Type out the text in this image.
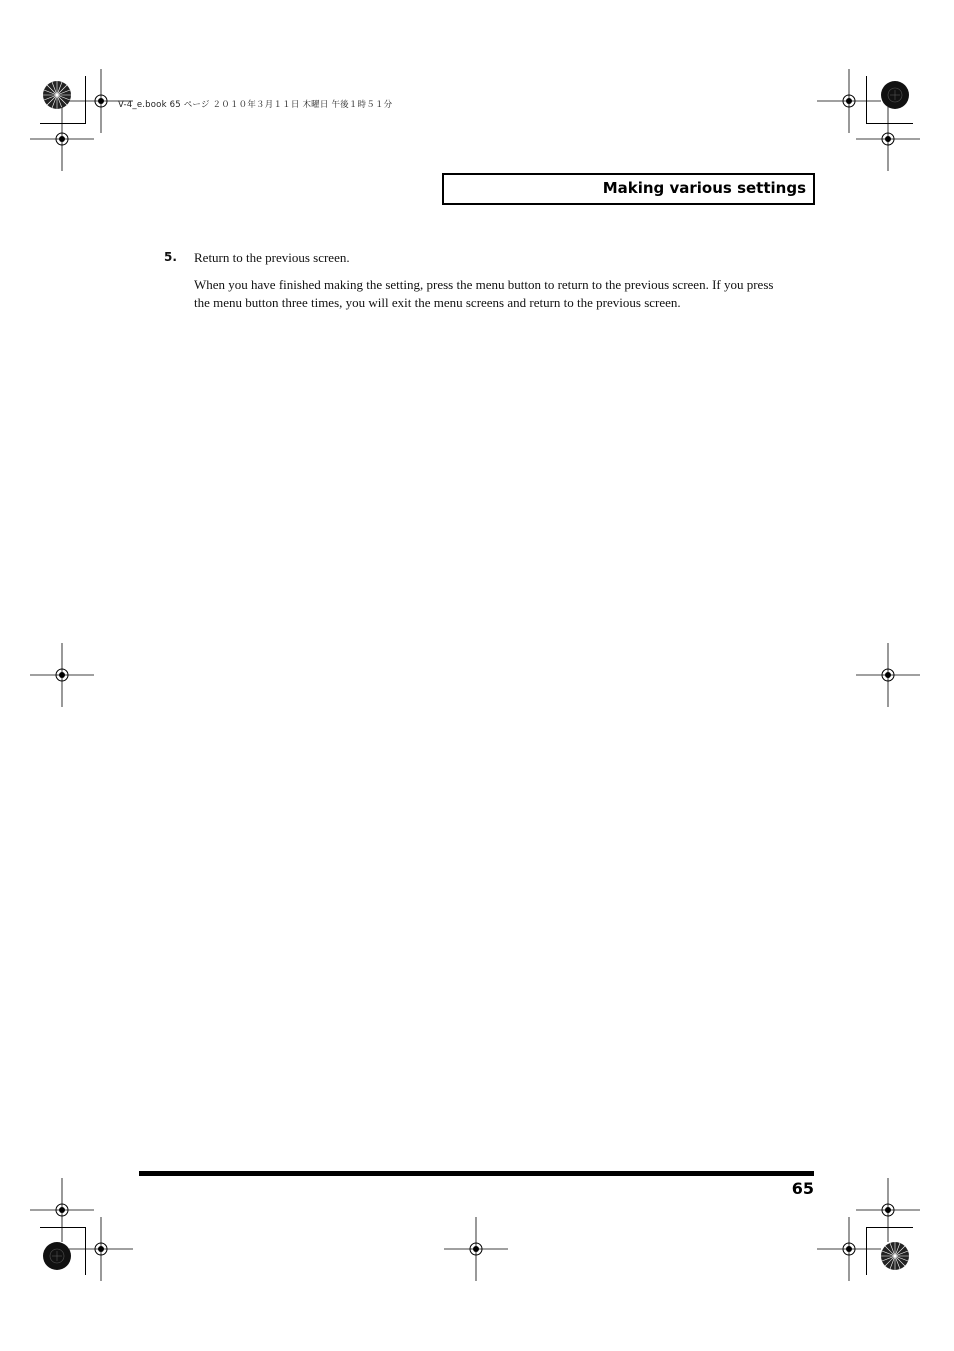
V-4_e.book 65 ページ ２０１０年３月１１日 木曜日 午後１時５１分
Making various settings
5. Return to the previous screen.
When you have finished making the setting, press the menu button to return to the previous screen. If you press the menu button three times, you will exit the menu screens and return to the previous screen.
65
